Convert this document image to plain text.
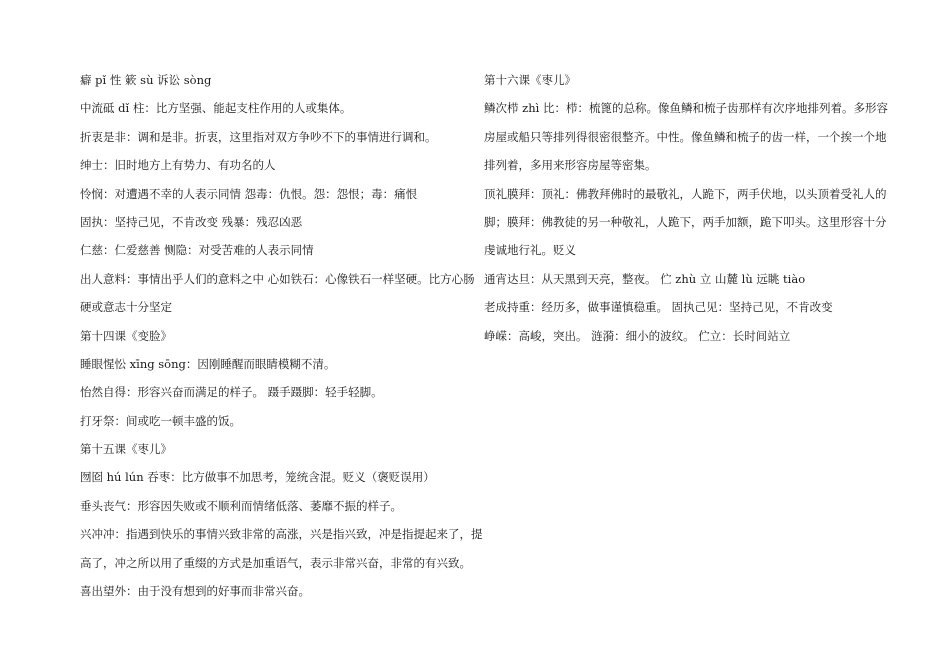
癖 pǐ 性 簌 sù 诉讼 sòng
中流砥 dǐ 柱：比方坚强、能起支柱作用的人或集体。
折衷是非：调和是非。折衷，这里指对双方争吵不下的事情进行调和。
绅士：旧时地方上有势力、有功名的人
怜悯：对遭遇不幸的人表示同情 怨毒：仇恨。怨：怨恨；毒：痛恨
固执：坚持己见，不肯改变 残暴：残忍凶恶
仁慈：仁爱慈善 恻隐：对受苦难的人表示同情
出人意料：事情出乎人们的意料之中 心如铁石：心像铁石一样坚硬。比方心肠
硬或意志十分坚定
第十四课《变脸》
睡眼惺忪 xīng sōng：因刚睡醒而眼睛模糊不清。
怡然自得：形容兴奋而满足的样子。 蹑手蹑脚：轻手轻脚。
打牙祭：间或吃一顿丰盛的饭。
第十五课《枣儿》
囫囵 hú lún 吞枣：比方做事不加思考，笼统含混。贬义（褒贬误用）
垂头丧气：形容因失败或不顺利而情绪低落、萎靡不振的样子。
兴冲冲：指遇到快乐的事情兴致非常的高涨，兴是指兴致，冲是指提起来了，提
高了，冲之所以用了重缀的方式是加重语气，表示非常兴奋，非常的有兴致。
喜出望外：由于没有想到的好事而非常兴奋。
第十六课《枣儿》
鳞次栉 zhì 比：栉：梳篦的总称。像鱼鳞和梳子齿那样有次序地排列着。多形容
房屋或船只等排列得很密很整齐。中性。像鱼鳞和梳子的齿一样，一个挨一个地
排列着，多用来形容房屋等密集。
顶礼膜拜：顶礼：佛教拜佛时的最敬礼，人跪下，两手伏地，以头顶着受礼人的
脚；膜拜：佛教徒的另一种敬礼，人跪下，两手加额，跪下叩头。这里形容十分
虔诚地行礼。贬义
通宵达旦：从天黑到天亮，整夜。 伫 zhù 立 山麓 lù 远眺 tiào
老成持重：经历多，做事谨慎稳重。 固执己见：坚持己见，不肯改变
峥嵘：高峻，突出。 涟漪：细小的波纹。 伫立：长时间站立
